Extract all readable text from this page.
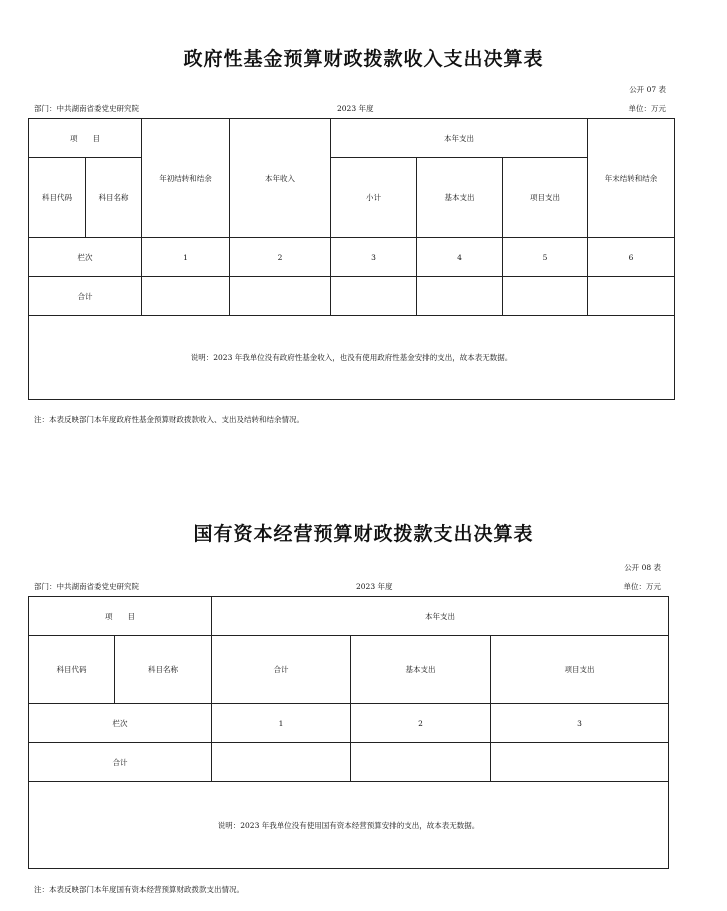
政府性基金预算财政拨款收入支出决算表
公开 07 表
部门：中共湖南省委党史研究院	2023 年度	单位：万元
项　　目		年初结转和结余	本年收入	本年支出			年末结转和结余
科目代码	科目名称			小计	基本支出	项目支出	
栏次		1	2	3	4	5	6
合计							
说明：2023 年我单位没有政府性基金收入，也没有使用政府性基金安排的支出，故本表无数据。							
注：本表反映部门本年度政府性基金预算财政拨款收入、支出及结转和结余情况。
国有资本经营预算财政拨款支出决算表
公开 08 表
部门：中共湖南省委党史研究院	2023 年度	单位：万元
项　　目		本年支出		
科目代码	科目名称	合计	基本支出	项目支出
栏次		1	2	3
合计				
说明：2023 年我单位没有使用国有资本经营预算安排的支出，故本表无数据。				
注：本表反映部门本年度国有资本经营预算财政拨款支出情况。
